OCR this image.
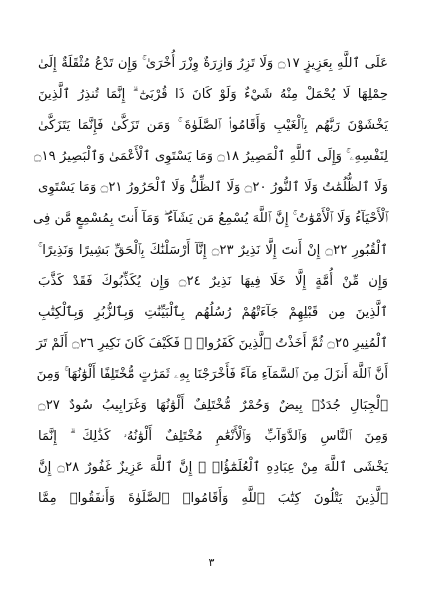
عَلَى ٱللَّهِ بِعَزِيزٍ ۝١٧ وَلَا تَزِرُ وَازِرَةٌ وِزْرَ أُخْرَىٰ ۚ وَإِن تَدْعُ مُثْقَلَةٌ إِلَىٰ
حِمْلِهَا لَا يُحْمَلْ مِنْهُ شَيْءٌ وَلَوْ كَانَ ذَا قُرْبَىٰٓ ۗ إِنَّمَا تُنذِرُ ٱلَّذِينَ
يَخْشَوْنَ رَبَّهُم بِٱلْغَيْبِ وَأَقَامُوا۟ ٱلصَّلَوٰةَ ۚ وَمَن تَزَكَّىٰ فَإِنَّمَا يَتَزَكَّىٰ
لِنَفْسِهِۦ ۚ وَإِلَى ٱللَّهِ ٱلْمَصِيرُ ۝١٨ وَمَا يَسْتَوِى ٱلْأَعْمَىٰ وَٱلْبَصِيرُ ۝١٩
وَلَا ٱلظُّلُمَٰتُ وَلَا ٱلنُّورُ ۝٢٠ وَلَا ٱلظِّلُّ وَلَا ٱلْحَرُورُ ۝٢١ وَمَا يَسْتَوِى
ٱلْأَحْيَآءُ وَلَا ٱلْأَمْوَٰتُ ۚ إِنَّ ٱللَّهَ يُسْمِعُ مَن يَشَآءُ ۖ وَمَآ أَنتَ بِمُسْمِعٍ مَّن فِى
ٱلْقُبُورِ ۝٢٢ إِنْ أَنتَ إِلَّا نَذِيرٌ ۝٢٣ إِنَّآ أَرْسَلْنَٰكَ بِٱلْحَقِّ بَشِيرًا وَنَذِيرًا ۚ
وَإِن مِّنْ أُمَّةٍ إِلَّا خَلَا فِيهَا نَذِيرٌ ۝٢٤ وَإِن يُكَذِّبُوكَ فَقَدْ كَذَّبَ
ٱلَّذِينَ مِن قَبْلِهِمْ جَآءَتْهُمْ رُسُلُهُم بِٱلْبَيِّنَٰتِ وَبِٱلزُّبُرِ وَبِٱلْكِتَٰبِ
ٱلْمُنِيرِ ۝٢٥ ثُمَّ أَخَذْتُ ٱلَّذِينَ كَفَرُوا۟ ۖ فَكَيْفَ كَانَ نَكِيرِ ۝٢٦ أَلَمْ تَرَ
أَنَّ ٱللَّهَ أَنزَلَ مِنَ ٱلسَّمَآءِ مَآءً فَأَخْرَجْنَا بِهِۦ ثَمَرَٰتٍ مُّخْتَلِفًا أَلْوَٰنُهَا ۚ وَمِنَ
ٱلْجِبَالِ جُدَدٌۢ بِيضٌ وَحُمْرٌ مُّخْتَلِفٌ أَلْوَٰنُهَا وَغَرَابِيبُ سُودٌ ۝٢٧
وَمِنَ ٱلنَّاسِ وَٱلدَّوَآبِّ وَٱلْأَنْعَٰمِ مُخْتَلِفٌ أَلْوَٰنُهُۥ كَذَٰلِكَ ۗ إِنَّمَا
يَخْشَى ٱللَّهَ مِنْ عِبَادِهِ ٱلْعُلَمَٰٓؤُا۟ ۗ إِنَّ ٱللَّهَ عَزِيزٌ غَفُورٌ ۝٢٨ إِنَّ
ٱلَّذِينَ يَتْلُونَ كِتَٰبَ ٱللَّهِ وَأَقَامُوا۟ ٱلصَّلَوٰةَ وَأَنفَقُوا۟ مِمَّا
٣
